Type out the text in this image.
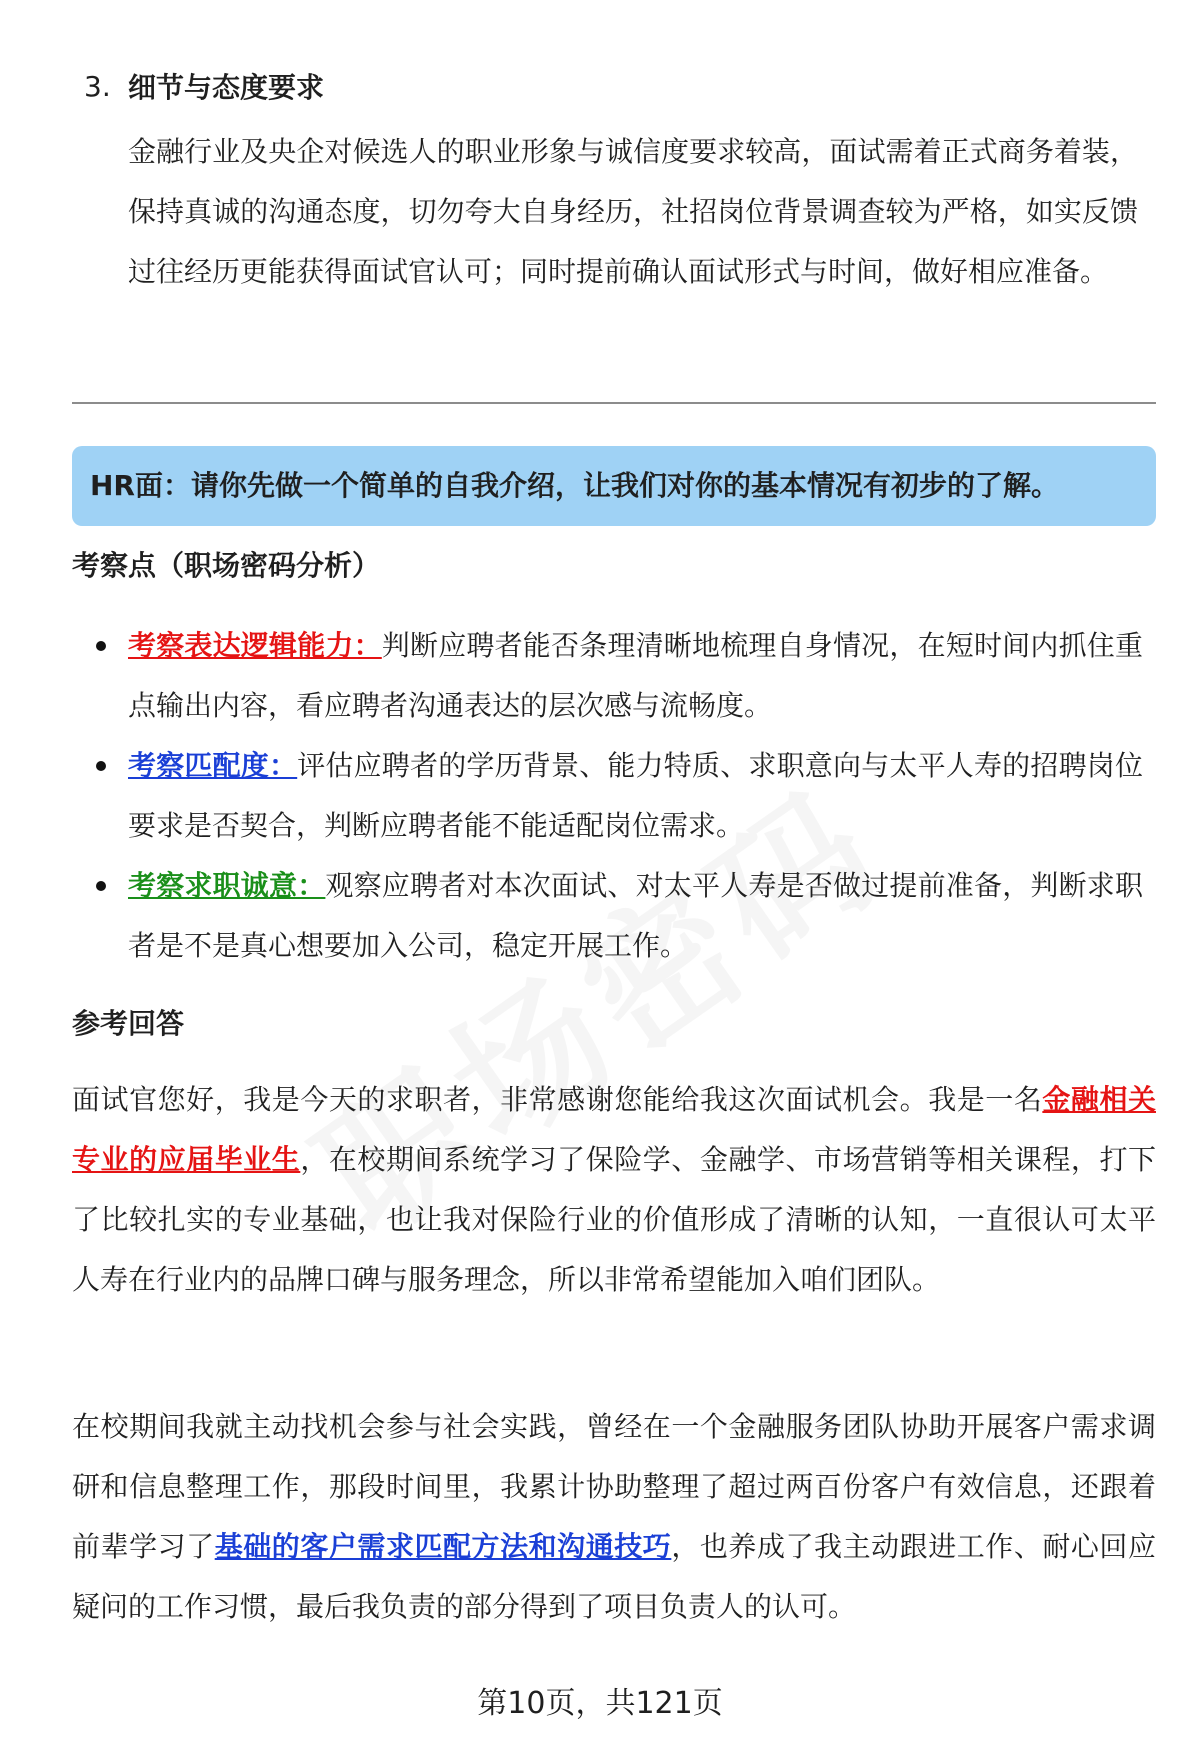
3. 细节与态度要求
金融行业及央企对候选人的职业形象与诚信度要求较高，面试需着正式商务着装，保持真诚的沟通态度，切勿夸大自身经历，社招岗位背景调查较为严格，如实反馈过往经历更能获得面试官认可；同时提前确认面试形式与时间，做好相应准备。
HR面：请你先做一个简单的自我介绍，让我们对你的基本情况有初步的了解。
考察点（职场密码分析）
考察表达逻辑能力：判断应聘者能否条理清晰地梳理自身情况，在短时间内抓住重点输出内容，看应聘者沟通表达的层次感与流畅度。
考察匹配度：评估应聘者的学历背景、能力特质、求职意向与太平人寿的招聘岗位要求是否契合，判断应聘者能不能适配岗位需求。
考察求职诚意：观察应聘者对本次面试、对太平人寿是否做过提前准备，判断求职者是不是真心想要加入公司，稳定开展工作。
参考回答

面试官您好，我是今天的求职者，非常感谢您能给我这次面试机会。我是一名金融相关专业的应届毕业生，在校期间系统学习了保险学、金融学、市场营销等相关课程，打下了比较扎实的专业基础，也让我对保险行业的价值形成了清晰的认知，一直很认可太平人寿在行业内的品牌口碑与服务理念，所以非常希望能加入咱们团队。

在校期间我就主动找机会参与社会实践，曾经在一个金融服务团队协助开展客户需求调研和信息整理工作，那段时间里，我累计协助整理了超过两百份客户有效信息，还跟着前辈学习了基础的客户需求匹配方法和沟通技巧，也养成了我主动跟进工作、耐心回应疑问的工作习惯，最后我负责的部分得到了项目负责人的认可。

第10页，共121页
